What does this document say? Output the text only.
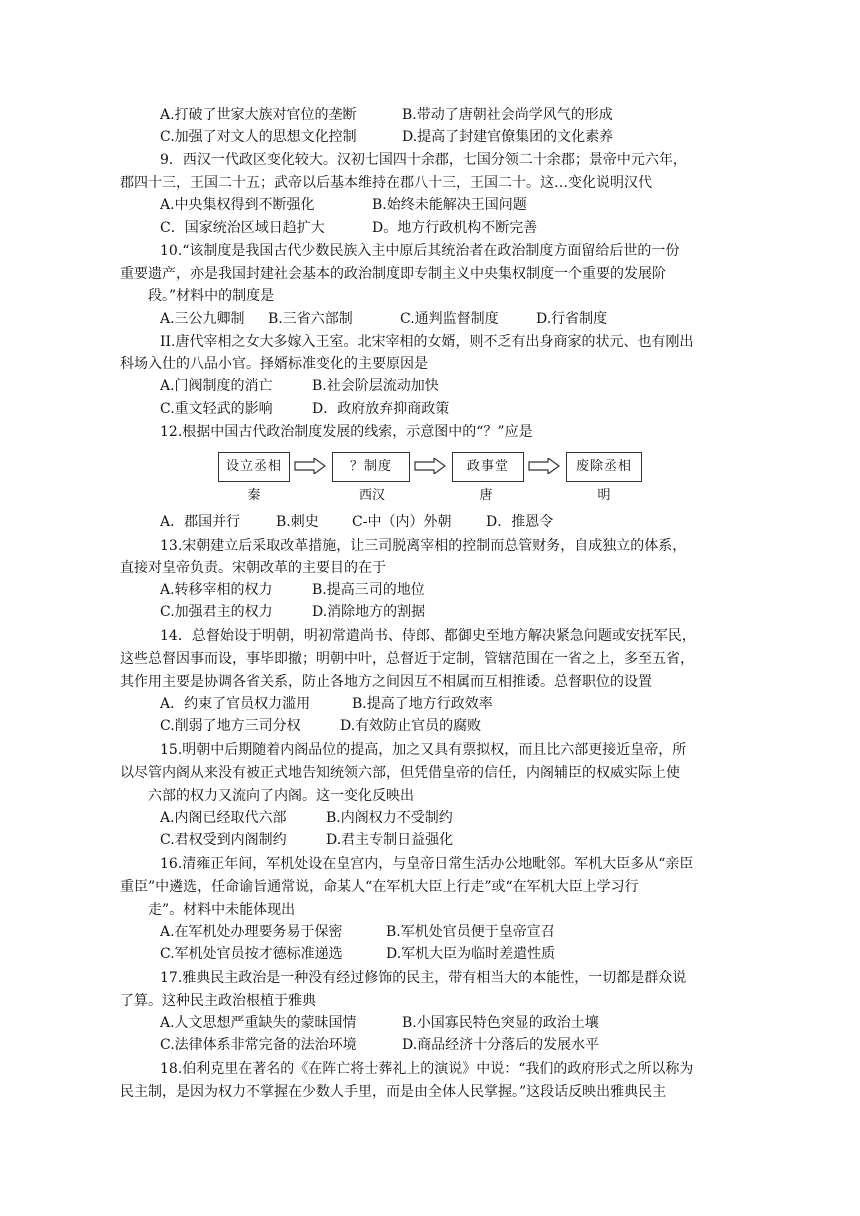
A.打破了世家大族对官位的垄断

	B.带动了唐朝社会尚学风气的形成

C.加强了对文人的思想文化控制

	D.提高了封建官僚集团的文化素养

9．西汉一代政区变化较大。汉初七国四十余郡，七国分领二十余郡；景帝中元六年，
郡四十三，王国二十五；武帝以后基本维持在郡八十三，王国二十。这…变化说明汉代

A.中央集权得到不断强化

	B.始终未能解决王国问题

C．国家统治区域日趋扩大

	D。地方行政机构不断完善

10.“该制度是我国古代少数民族入主中原后其统治者在政治制度方面留给后世的一份
重要遗产，亦是我国封建社会基本的政治制度即专制主义中央集权制度一个重要的发展阶
段。”材料中的制度是

A.三公九卿制

B.三省六部制

	C.通判监督制度

	D.行省制度

II.唐代宰相之女大多嫁入王室。北宋宰相的女婿，则不乏有出身商家的状元、也有刚出
科场入仕的八品小官。择婿标准变化的主要原因是

A.门阀制度的消亡

	B.社会阶层流动加快

C.重文轻武的影响

	D．政府放弃抑商政策

12.根据中国古代政治制度发展的线索，示意图中的“？”应是
设立丞相	？制度	政事堂	废除丞相
秦	西汉	唐	明

A．郡国并行

	B.刺史

C-中（内）外朝

D．推恩令

13.宋朝建立后采取改革措施，让三司脱离宰相的控制而总管财务，自成独立的体系，
直接对皇帝负责。宋朝改革的主要目的在于

A.转移宰相的权力

	B.提高三司的地位

C.加强君主的权力

	D.消除地方的割据

14．总督始设于明朝，明初常遣尚书、侍郎、都御史至地方解决紧急问题或安抚军民，
这些总督因事而设，事毕即撤；明朝中叶，总督近于定制，管辖范围在一省之上，多至五省，
其作用主要是协调各省关系，防止各地方之间因互不相属而互相推诿。总督职位的设置

A．约束了官员权力滥用

	B.提高了地方行政效率

C.削弱了地方三司分权

	D.有效防止官员的腐败

15.明朝中后期随着内阁品位的提高，加之又具有票拟权，而且比六部更接近皇帝，所
以尽管内阁从来没有被正式地告知统领六部，但凭借皇帝的信任，内阁辅臣的权威实际上使
六部的权力又流向了内阁。这一变化反映出

A.内阁已经取代六部

	B.内阁权力不受制约

C.君权受到内阁制约

	D.君主专制日益强化

16.清雍正年间，军机处设在皇宫内，与皇帝日常生活办公地毗邻。军机大臣多从“亲臣
重臣”中遴选，任命谕旨通常说，命某人“在军机大臣上行走”或“在军机大臣上学习行
走”。材料中未能体现出

A.在军机处办理要务易于保密

	B.军机处官员便于皇帝宣召

C.军机处官员按才德标准递选

	D.军机大臣为临时差遣性质

17.雅典民主政治是一种没有经过修饰的民主，带有相当大的本能性，一切都是群众说
了算。这种民主政治根植于雅典

A.人文思想严重缺失的蒙昧国情

	B.小国寡民特色突显的政治土壤

C.法律体系非常完备的法治环境

	D.商品经济十分落后的发展水平

18.伯利克里在著名的《在阵亡将士葬礼上的演说》中说：“我们的政府形式之所以称为
民主制，是因为权力不掌握在少数人手里，而是由全体人民掌握。”这段话反映出雅典民主
